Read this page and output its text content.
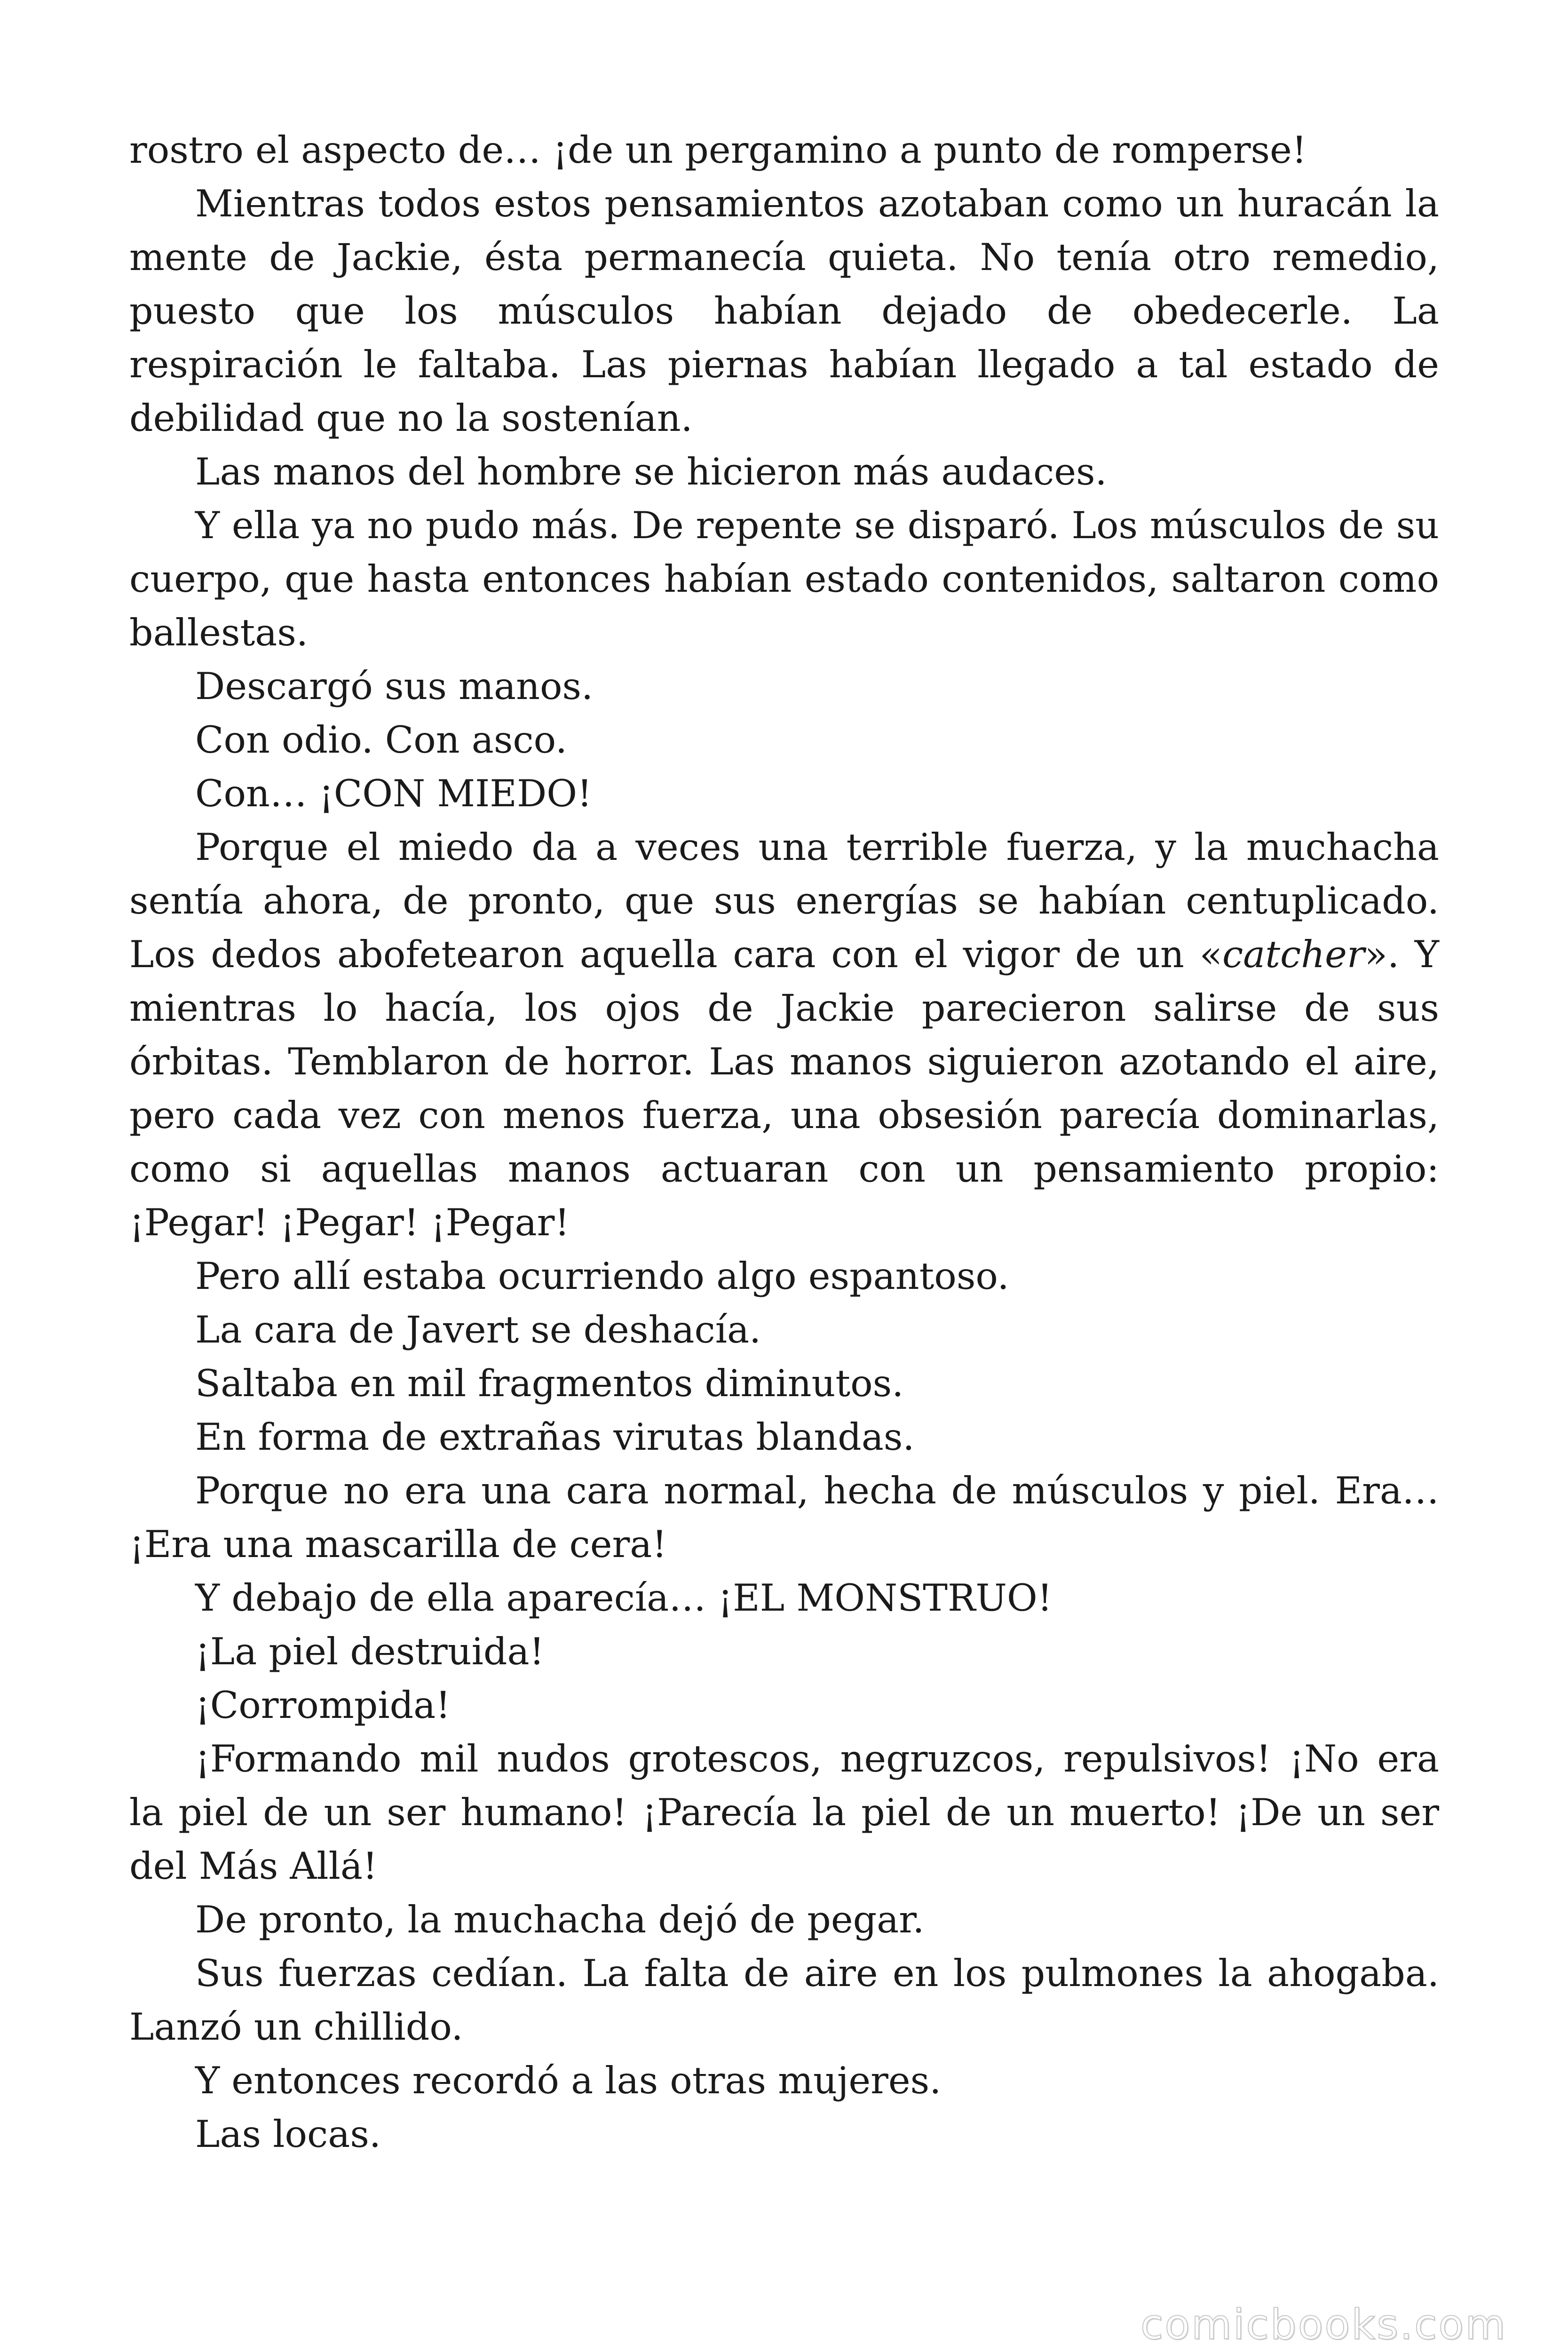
rostro el aspecto de… ¡de un pergamino a punto de romperse!

Mientras todos estos pensamientos azotaban como un huracán la mente de Jackie, ésta permanecía quieta. No tenía otro remedio, puesto que los músculos habían dejado de obedecerle. La respiración le faltaba. Las piernas habían llegado a tal estado de debilidad que no la sostenían.

Las manos del hombre se hicieron más audaces.

Y ella ya no pudo más. De repente se disparó. Los músculos de su cuerpo, que hasta entonces habían estado contenidos, saltaron como ballestas.

Descargó sus manos.

Con odio. Con asco.

Con… ¡CON MIEDO!

Porque el miedo da a veces una terrible fuerza, y la muchacha sentía ahora, de pronto, que sus energías se habían centuplicado. Los dedos abofetearon aquella cara con el vigor de un «catcher». Y mientras lo hacía, los ojos de Jackie parecieron salirse de sus órbitas. Temblaron de horror. Las manos siguieron azotando el aire, pero cada vez con menos fuerza, una obsesión parecía dominarlas, como si aquellas manos actuaran con un pensamiento propio: ¡Pegar! ¡Pegar! ¡Pegar!

Pero allí estaba ocurriendo algo espantoso.

La cara de Javert se deshacía.

Saltaba en mil fragmentos diminutos.

En forma de extrañas virutas blandas.

Porque no era una cara normal, hecha de músculos y piel. Era… ¡Era una mascarilla de cera!

Y debajo de ella aparecía… ¡EL MONSTRUO!

¡La piel destruida!

¡Corrompida!

¡Formando mil nudos grotescos, negruzcos, repulsivos! ¡No era la piel de un ser humano! ¡Parecía la piel de un muerto! ¡De un ser del Más Allá!

De pronto, la muchacha dejó de pegar.

Sus fuerzas cedían. La falta de aire en los pulmones la ahogaba. Lanzó un chillido.

Y entonces recordó a las otras mujeres.

Las locas.

comicbooks.com
